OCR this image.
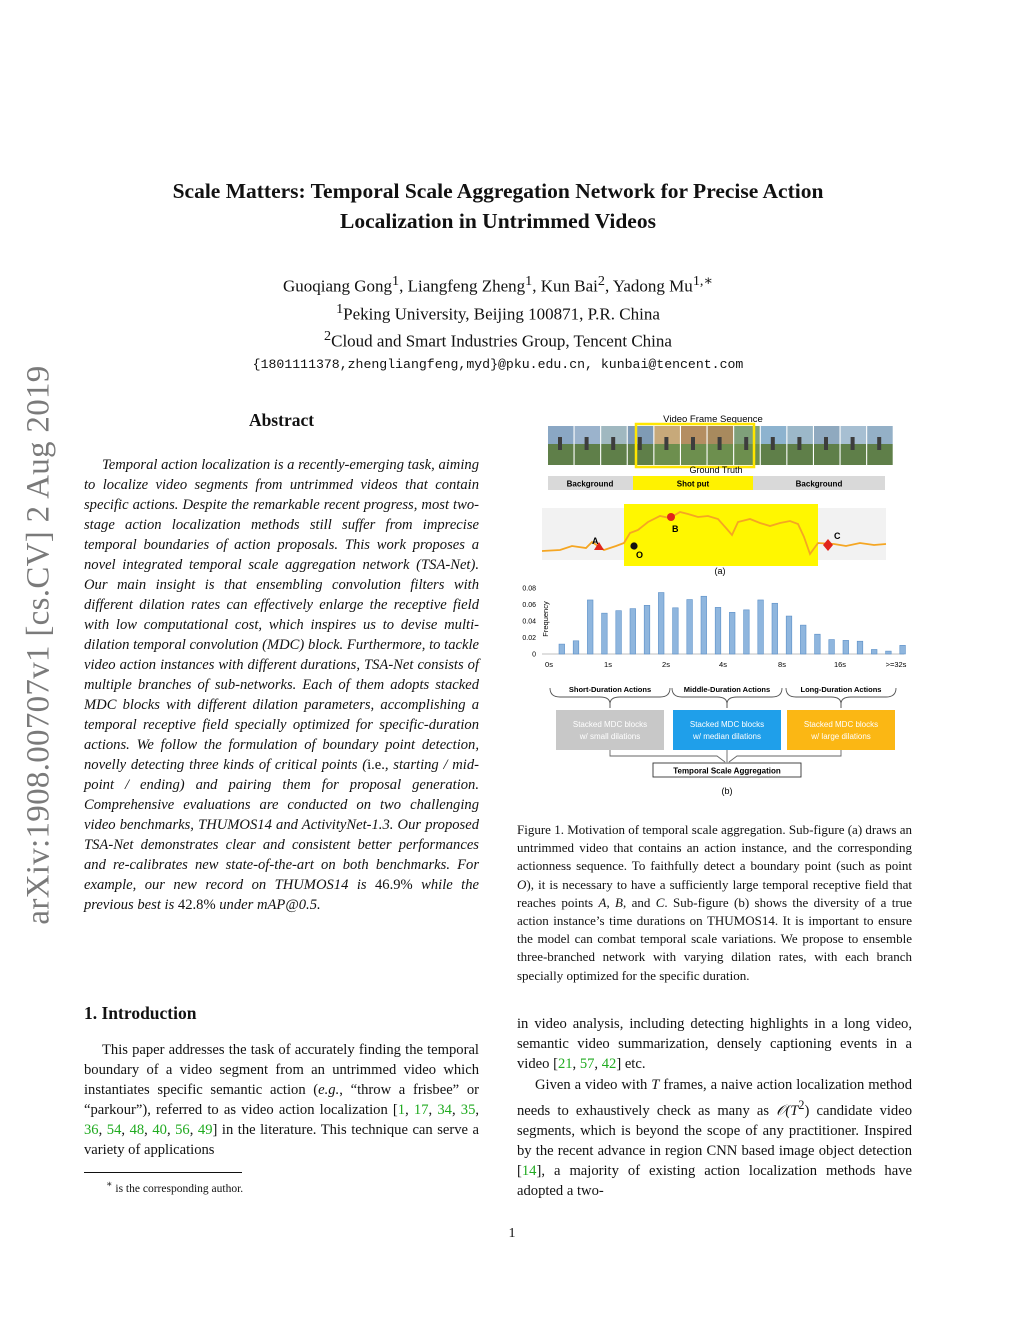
Scale Matters: Temporal Scale Aggregation Network for Precise Action
Localization in Untrimmed Videos
Guoqiang Gong$^1$, Liangfeng Zheng$^1$, Kun Bai$^2$, Yadong $Mu^{1,∗}$
$^1$Peking University, Beijing 100871, P.R. China
$^2$Cloud and Smart Industries Group, Tencent China
{1801111378,zhengliangfeng,myd}@pku.edu.cn, kunbai@tencent.com
arXiv:1908.00707v1 [cs.CV] 2 Aug 2019	Abstract
Temporal action localization is a recently-emerging task, aiming to localize video segments from untrimmed videos that contain specific actions. Despite the remarkable recent progress, most two-stage action localization methods still suffer from imprecise temporal boundaries of action proposals. This work proposes a novel integrated temporal scale aggregation network (TSA-Net). Our main insight is that ensembling convolution filters with different dilation rates can effectively enlarge the receptive field with low computational cost, which inspires us to devise multi-dilation temporal convolution (MDC) block. Furthermore, to tackle video action instances with different durations, TSA-Net consists of multiple branches of sub-networks. Each of them adopts stacked MDC blocks with different dilation parameters, accomplishing a temporal receptive field specially optimized for specific-duration actions. We follow the formulation of boundary point detection, novelly detecting three kinds of critical points (i.e., starting / mid-point / ending) and pairing them for proposal generation. Comprehensive evaluations are conducted on two challenging video benchmarks, THUMOS14 and ActivityNet-1.3. Our proposed TSA-Net demonstrates clear and consistent better performances and re-calibrates new state-of-the-art on both benchmarks. For example, our new record on THUMOS14 is 46.9% while the previous best is 42.8% under mAP@0.5.
1. Introduction
This paper addresses the task of accurately finding the temporal boundary of a video segment from an untrimmed video which instantiates specific semantic action (e.g., “throw a frisbee” or “parkour”), referred to as video action localization [1, 17, 34, 35, 36, 54, 48, 40, 56, 49] in the literature. This technique can serve a variety of applications
∗ is the corresponding author.
Video Frame Sequence
Ground Truth
Background	Shot put	Background
A
B
C
O
(a)
Frequency
0
0.02
0.04
0.06
0.08
0s	1s	2s	4s	8s	16s	>=32s
Short-Duration Actions	Middle-Duration Actions	Long-Duration Actions
Stacked MDC blocks
w/ small dilations
Stacked MDC blocks
w/ median dilations
Stacked MDC blocks
w/ large dilations
Temporal Scale Aggregation
(b)
Figure 1. Motivation of temporal scale aggregation. Sub-figure (a) draws an untrimmed video that contains an action instance, and the corresponding actionness sequence. To faithfully detect a boundary point (such as point O), it is necessary to have a sufficiently large temporal receptive field that reaches points A, B, and C. Sub-figure (b) shows the diversity of a true action instance’s time durations on THUMOS14. It is important to ensure the model can combat temporal scale variations. We propose to ensemble three-branched network with varying dilation rates, with each branch specially optimized for the specific duration.

in video analysis, including detecting highlights in a long video, semantic video summarization, densely captioning events in a video [21, 57, 42] etc.

Given a video with T frames, a naive action localization method needs to exhaustively check as many as $𝒪(T^2)$ candidate video segments, which is beyond the scope of any practitioner. Inspired by the recent advance in region CNN based image object detection [14], a majority of existing action localization methods have adopted a two-

1
